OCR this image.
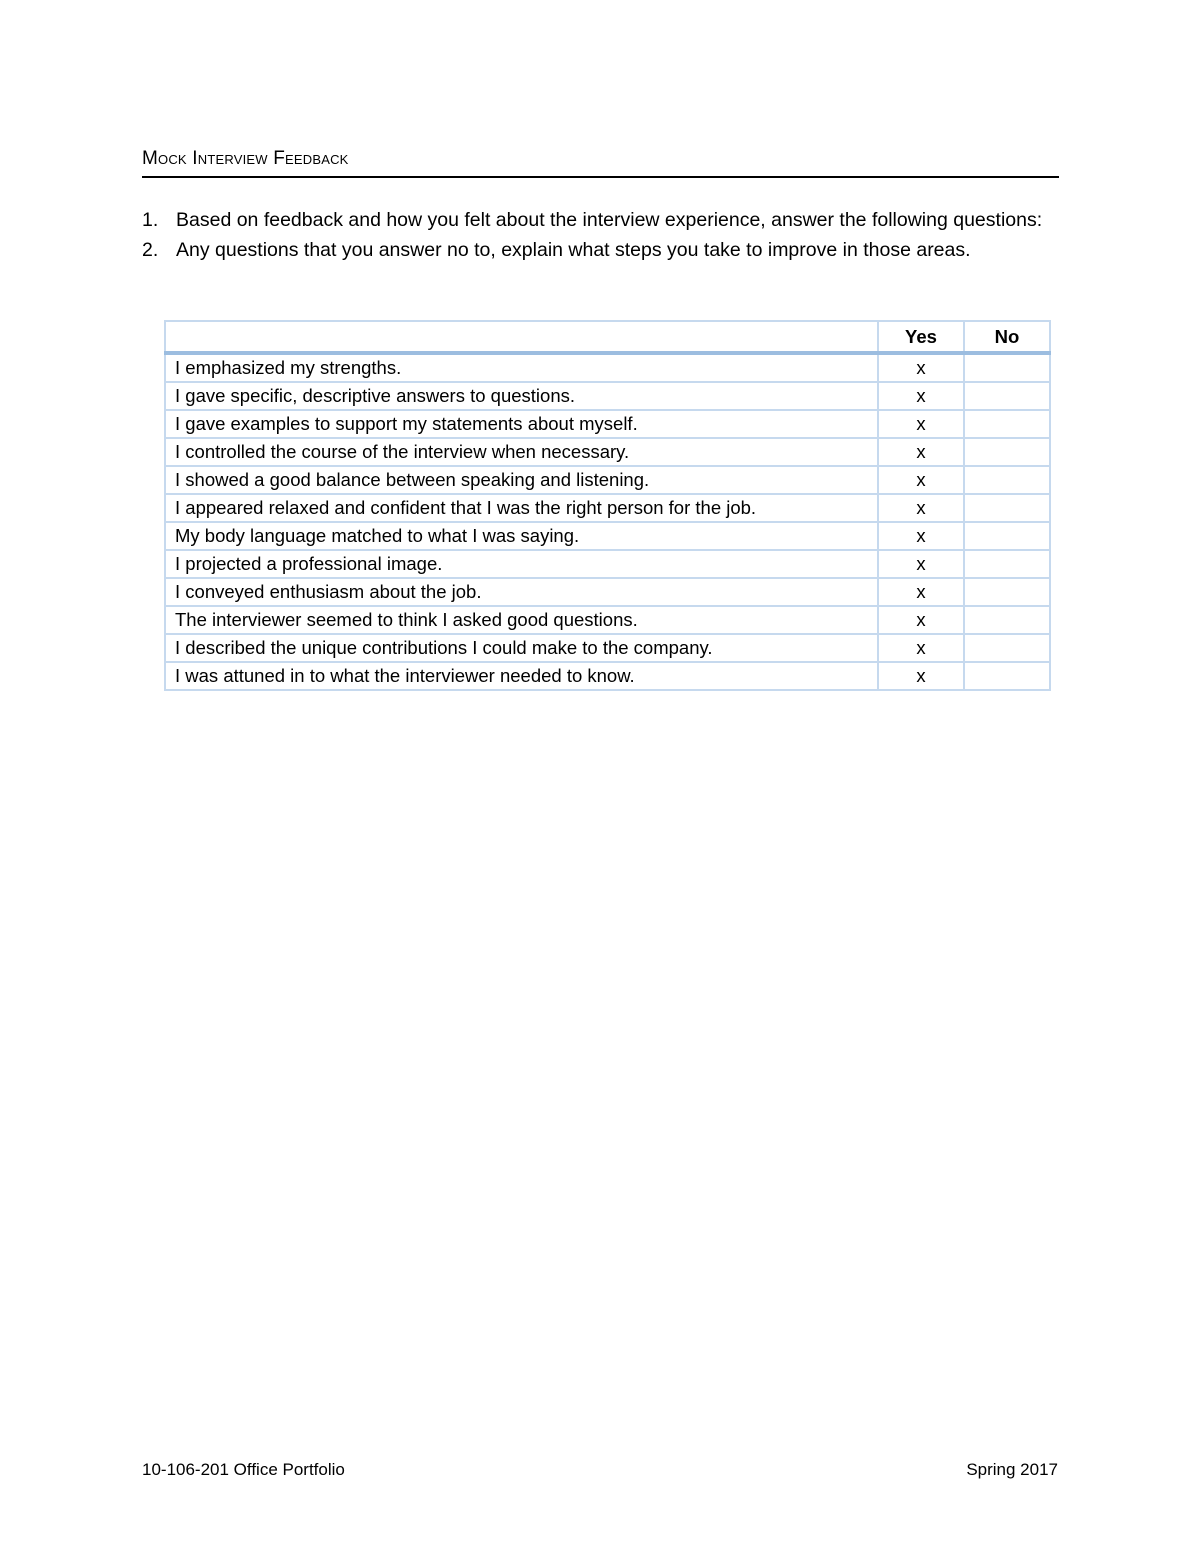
Mock Interview Feedback
1. Based on feedback and how you felt about the interview experience, answer the following questions:
2. Any questions that you answer no to, explain what steps you take to improve in those areas.
	Yes	No
I emphasized my strengths.	x	
I gave specific, descriptive answers to questions.	x	
I gave examples to support my statements about myself.	x	
I controlled the course of the interview when necessary.	x	
I showed a good balance between speaking and listening.	x	
I appeared relaxed and confident that I was the right person for the job.	x	
My body language matched to what I was saying.	x	
I projected a professional image.	x	
I conveyed enthusiasm about the job.	x	
The interviewer seemed to think I asked good questions.	x	
I described the unique contributions I could make to the company.	x	
I was attuned in to what the interviewer needed to know.	x	
10-106-201 Office Portfolio	Spring 2017
